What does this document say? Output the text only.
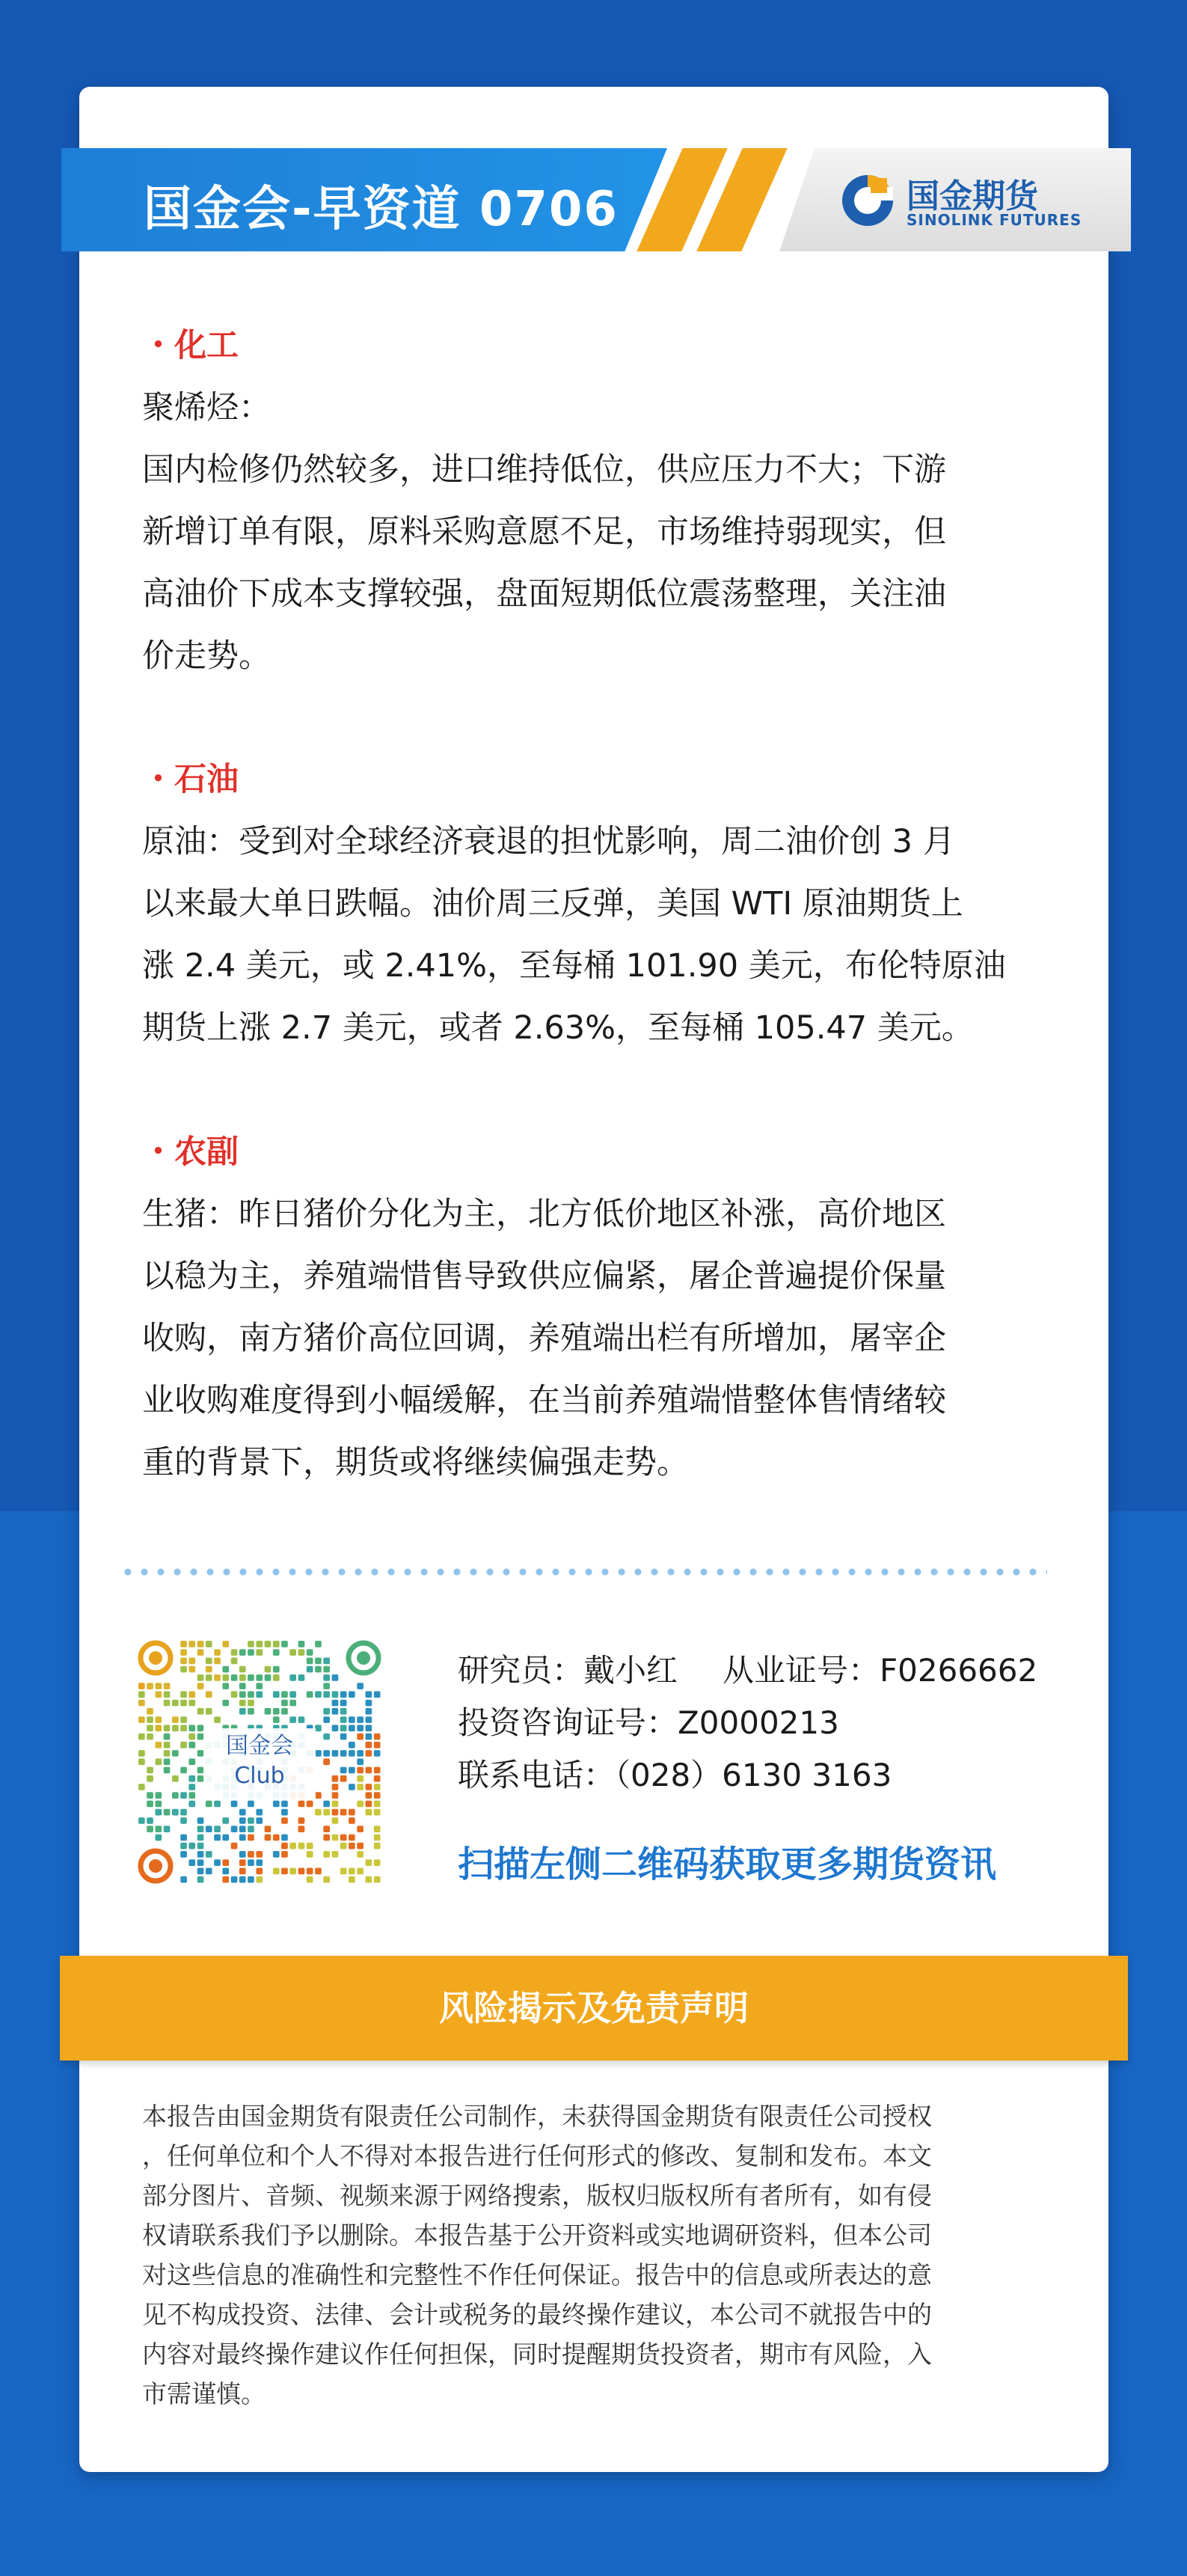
国金会-早资道 0706	国金期货
SINOLINK FUTURES
・化工

聚烯烃：
国内检修仍然较多，进口维持低位，供应压力不大；下游
新增订单有限，原料采购意愿不足，市场维持弱现实，但
高油价下成本支撑较强，盘面短期低位震荡整理，关注油
价走势。

・石油

原油：受到对全球经济衰退的担忧影响，周二油价创 3 月
以来最大单日跌幅。油价周三反弹，美国 WTI 原油期货上
涨 2.4 美元，或 2.41%，至每桶 101.90 美元，布伦特原油
期货上涨 2.7 美元，或者 2.63%，至每桶 105.47 美元。

・农副

生猪：昨日猪价分化为主，北方低价地区补涨，高价地区
以稳为主，养殖端惜售导致供应偏紧，屠企普遍提价保量
收购，南方猪价高位回调，养殖端出栏有所增加，屠宰企
业收购难度得到小幅缓解，在当前养殖端惜整体售情绪较
重的背景下，期货或将继续偏强走势。

国金会
Club
研究员：戴小红 从业证号：F0266662
投资咨询证号：Z0000213
联系电话：（028）6130 3163
扫描左侧二维码获取更多期货资讯
风险揭示及免责声明
本报告由国金期货有限责任公司制作，未获得国金期货有限责任公司授权
，任何单位和个人不得对本报告进行任何形式的修改、复制和发布。本文
部分图片、音频、视频来源于网络搜索，版权归版权所有者所有，如有侵
权请联系我们予以删除。本报告基于公开资料或实地调研资料，但本公司
对这些信息的准确性和完整性不作任何保证。报告中的信息或所表达的意
见不构成投资、法律、会计或税务的最终操作建议，本公司不就报告中的
内容对最终操作建议作任何担保，同时提醒期货投资者，期市有风险，入
市需谨慎。
